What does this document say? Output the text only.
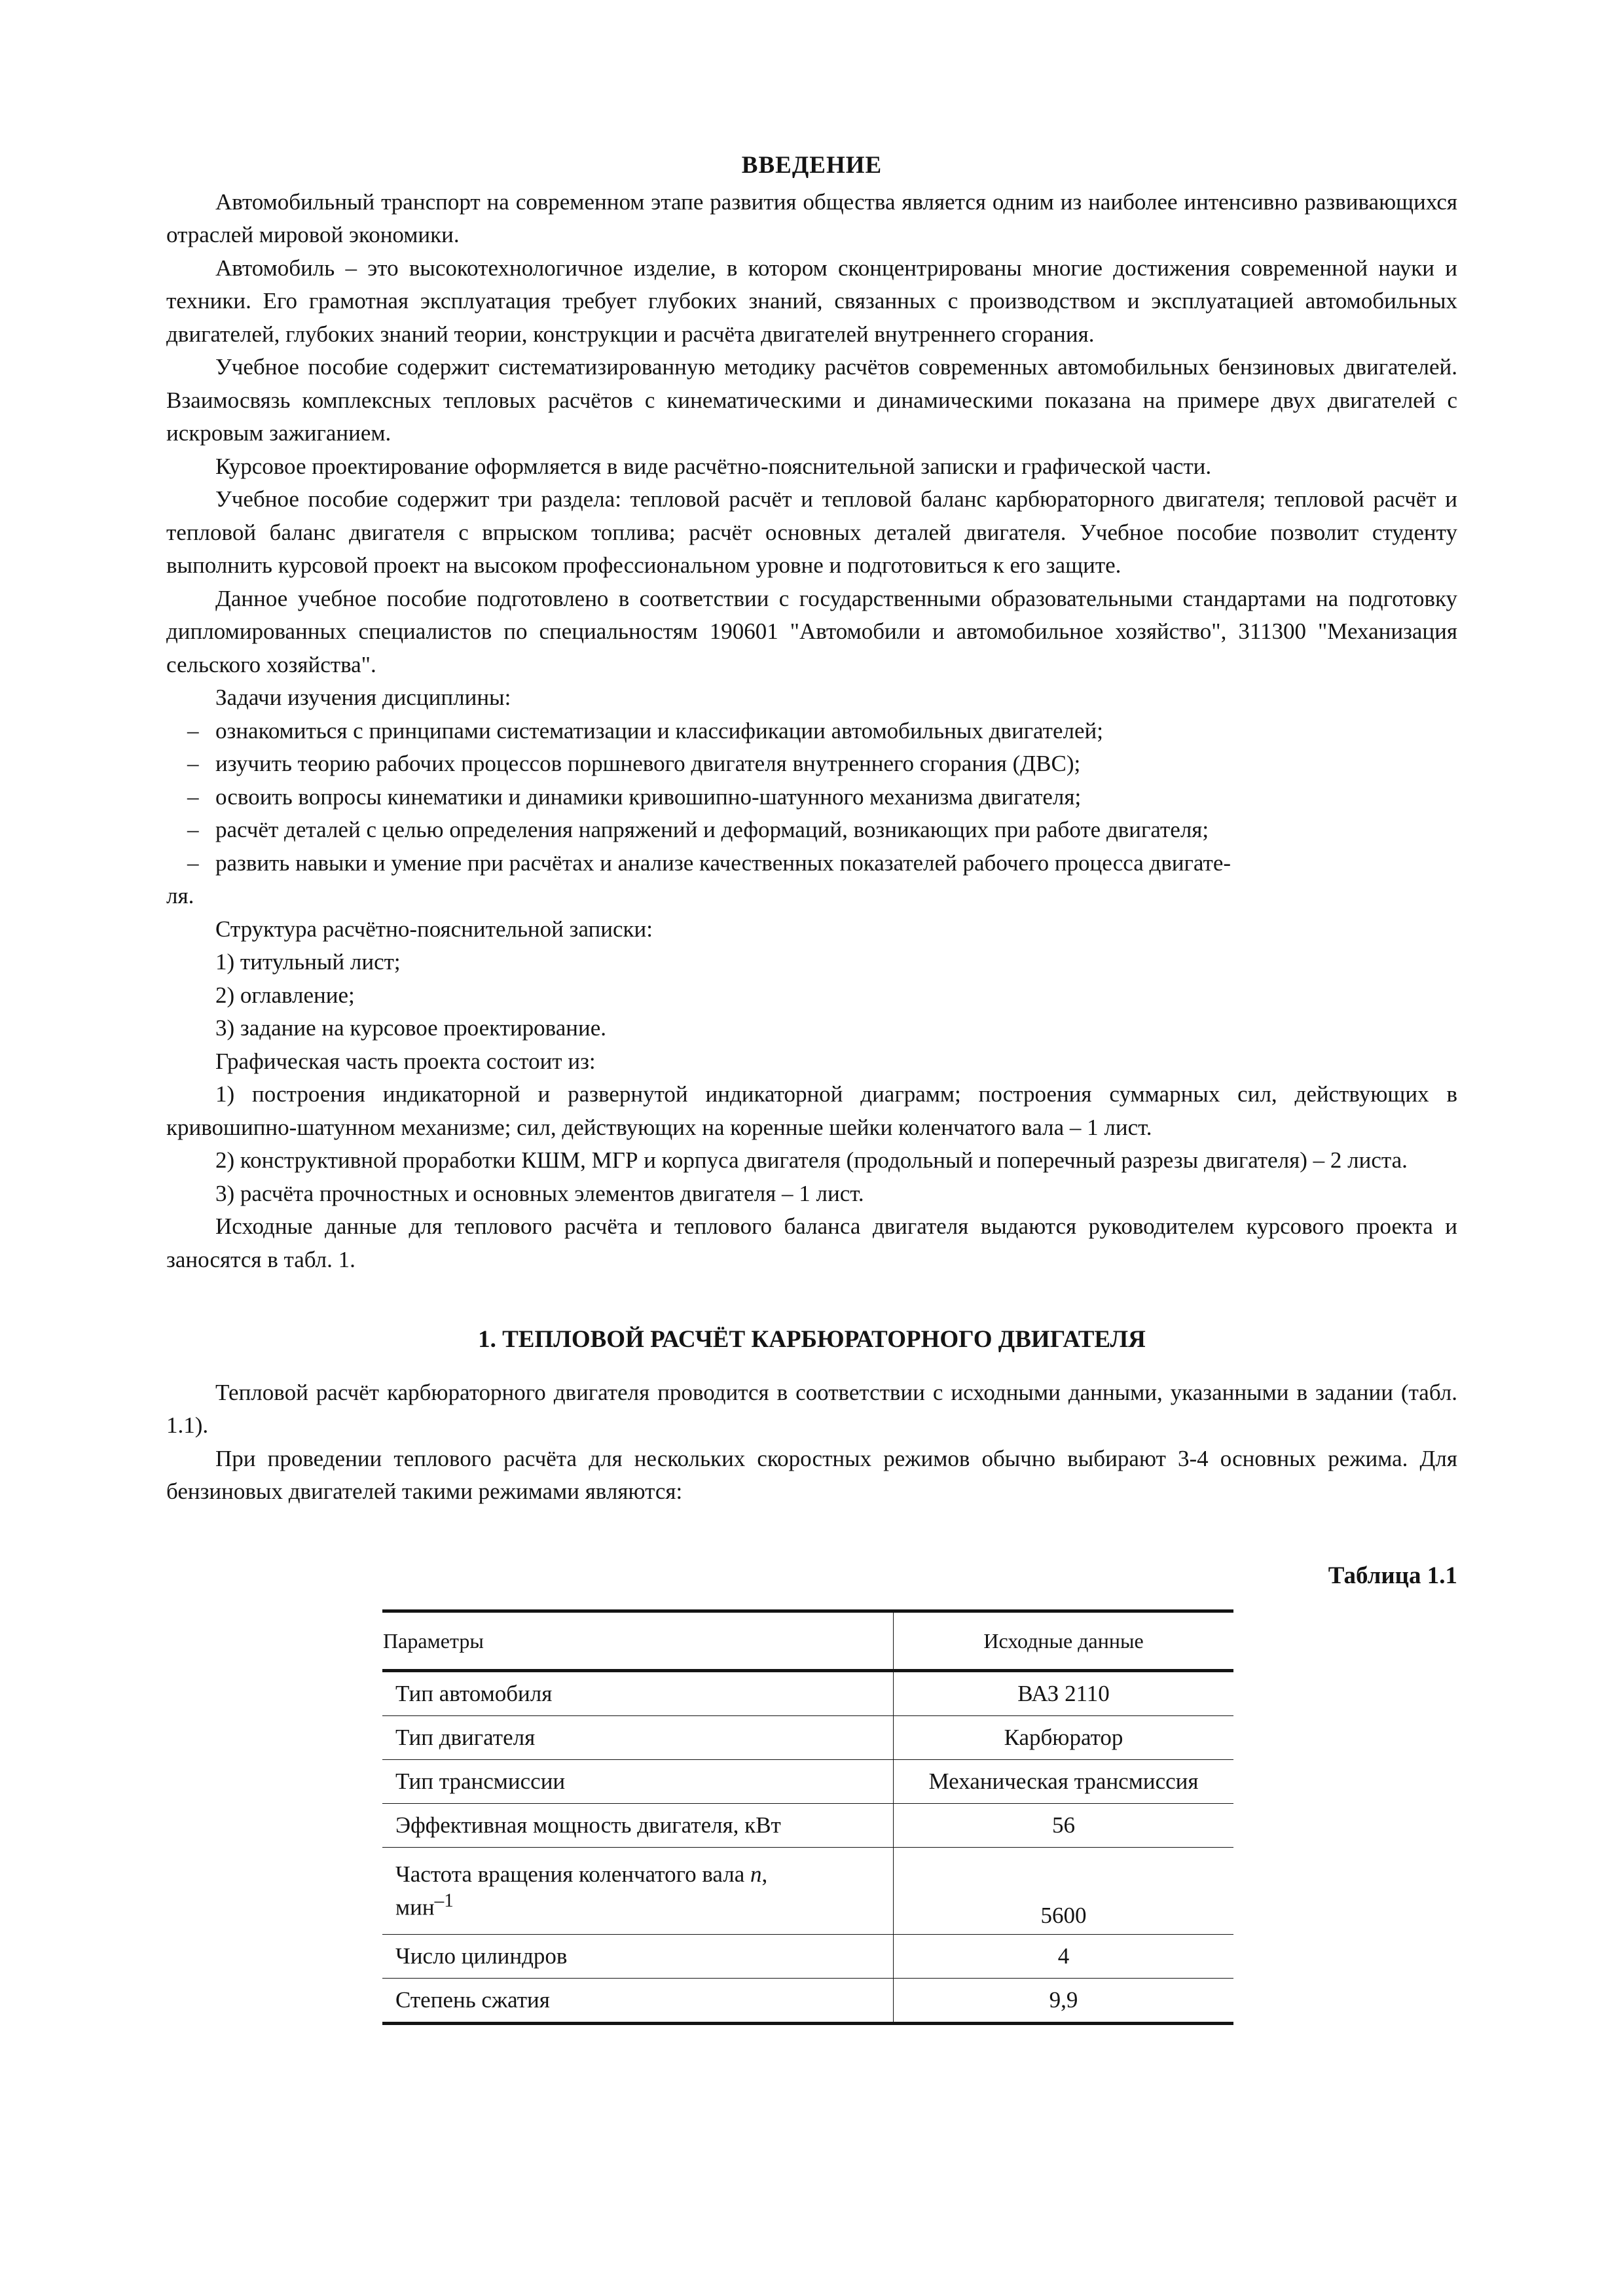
ВВЕДЕНИЕ

Автомобильный транспорт на современном этапе развития общества является одним из наиболее интенсивно развивающихся отраслей мировой экономики.

Автомобиль – это высокотехнологичное изделие, в котором сконцентрированы многие достижения современной науки и техники. Его грамотная эксплуатация требует глубоких знаний, связанных с производством и эксплуатацией автомобильных двигателей, глубоких знаний теории, конструкции и расчёта двигателей внутреннего сгорания.

Учебное пособие содержит систематизированную методику расчётов современных автомобильных бензиновых двигателей. Взаимосвязь комплексных тепловых расчётов с кинематическими и динамическими показана на примере двух двигателей с искровым зажиганием.

Курсовое проектирование оформляется в виде расчётно-пояснительной записки и графической части.

Учебное пособие содержит три раздела: тепловой расчёт и тепловой баланс карбюраторного двигателя; тепловой расчёт и тепловой баланс двигателя с впрыском топлива; расчёт основных деталей двигателя. Учебное пособие позволит студенту выполнить курсовой проект на высоком профессиональном уровне и подготовиться к его защите.

Данное учебное пособие подготовлено в соответствии с государственными образовательными стандартами на подготовку дипломированных специалистов по специальностям 190601 "Автомобили и автомобильное хозяйство", 311300 "Механизация сельского хозяйства".

Задачи изучения дисциплины:

– ознакомиться с принципами систематизации и классификации автомобильных двигателей;
– изучить теорию рабочих процессов поршневого двигателя внутреннего сгорания (ДВС);
– освоить вопросы кинематики и динамики кривошипно-шатунного механизма двигателя;
– расчёт деталей с целью определения напряжений и деформаций, возникающих при работе двигателя;
– развить навыки и умение при расчётах и анализе качественных показателей рабочего процесса двигате-

ля.

Структура расчётно-пояснительной записки:

1) титульный лист;

2) оглавление;

3) задание на курсовое проектирование.

Графическая часть проекта состоит из:

1) построения индикаторной и развернутой индикаторной диаграмм; построения суммарных сил, действующих в кривошипно-шатунном механизме; сил, действующих на коренные шейки коленчатого вала – 1 лист.

2) конструктивной проработки КШМ, МГР и корпуса двигателя (продольный и поперечный разрезы двигателя) – 2 листа.

3) расчёта прочностных и основных элементов двигателя – 1 лист.

Исходные данные для теплового расчёта и теплового баланса двигателя выдаются руководителем курсового проекта и заносятся в табл. 1.

1. ТЕПЛОВОЙ РАСЧЁТ КАРБЮРАТОРНОГО ДВИГАТЕЛЯ

Тепловой расчёт карбюраторного двигателя проводится в соответствии с исходными данными, указанными в задании (табл. 1.1).

При проведении теплового расчёта для нескольких скоростных режимов обычно выбирают 3-4 основных режима. Для бензиновых двигателей такими режимами являются:

Таблица 1.1
Параметры	Исходные данные
Тип автомобиля	ВАЗ 2110
Тип двигателя	Карбюратор
Тип трансмиссии	Механическая трансмиссия
Эффективная мощность двигателя, кВт	56
Частота вращения коленчатого вала n,
мин$^{-1}$	5600
Число цилиндров	4
Степень сжатия	9,9
